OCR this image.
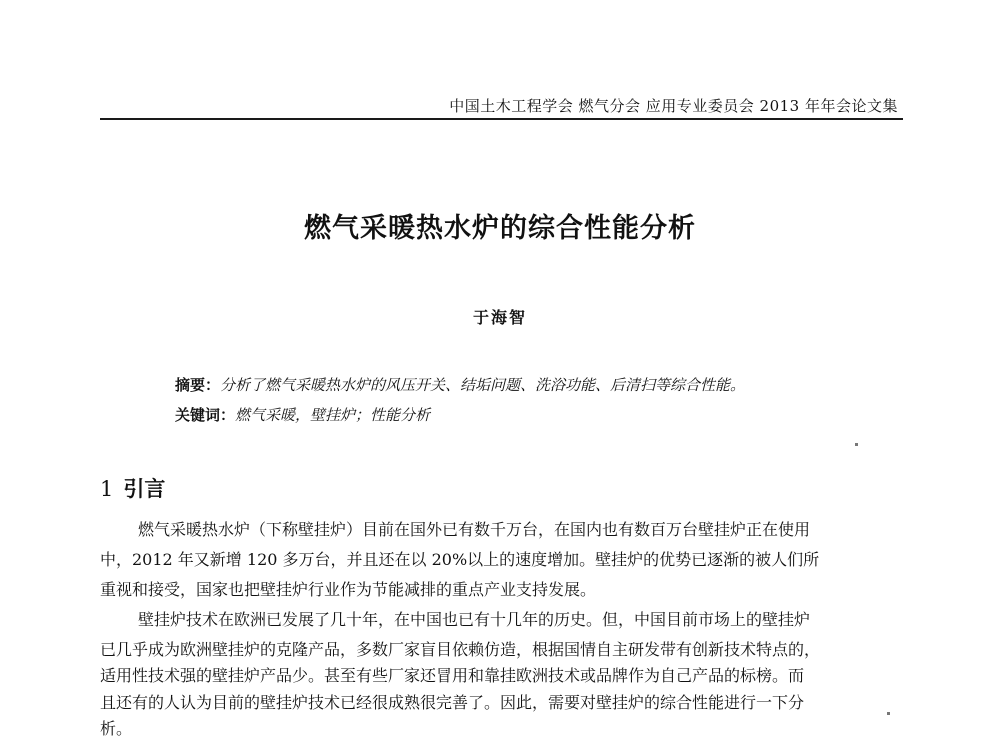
中国土木工程学会 燃气分会 应用专业委员会 2013 年年会论文集
燃气采暖热水炉的综合性能分析
于海智
摘要：分析了燃气采暖热水炉的风压开关、结垢问题、洗浴功能、后清扫等综合性能。
关键词：燃气采暖，壁挂炉；性能分析
1 引言
燃气采暖热水炉（下称壁挂炉）目前在国外已有数千万台，在国内也有数百万台壁挂炉正在使用
中，2012 年又新增 120 多万台，并且还在以 20%以上的速度增加。壁挂炉的优势已逐渐的被人们所
重视和接受，国家也把壁挂炉行业作为节能减排的重点产业支持发展。
壁挂炉技术在欧洲已发展了几十年，在中国也已有十几年的历史。但，中国目前市场上的壁挂炉
已几乎成为欧洲壁挂炉的克隆产品，多数厂家盲目依赖仿造，根据国情自主研发带有创新技术特点的，
适用性技术强的壁挂炉产品少。甚至有些厂家还冒用和靠挂欧洲技术或品牌作为自己产品的标榜。而
且还有的人认为目前的壁挂炉技术已经很成熟很完善了。因此，需要对壁挂炉的综合性能进行一下分
析。
